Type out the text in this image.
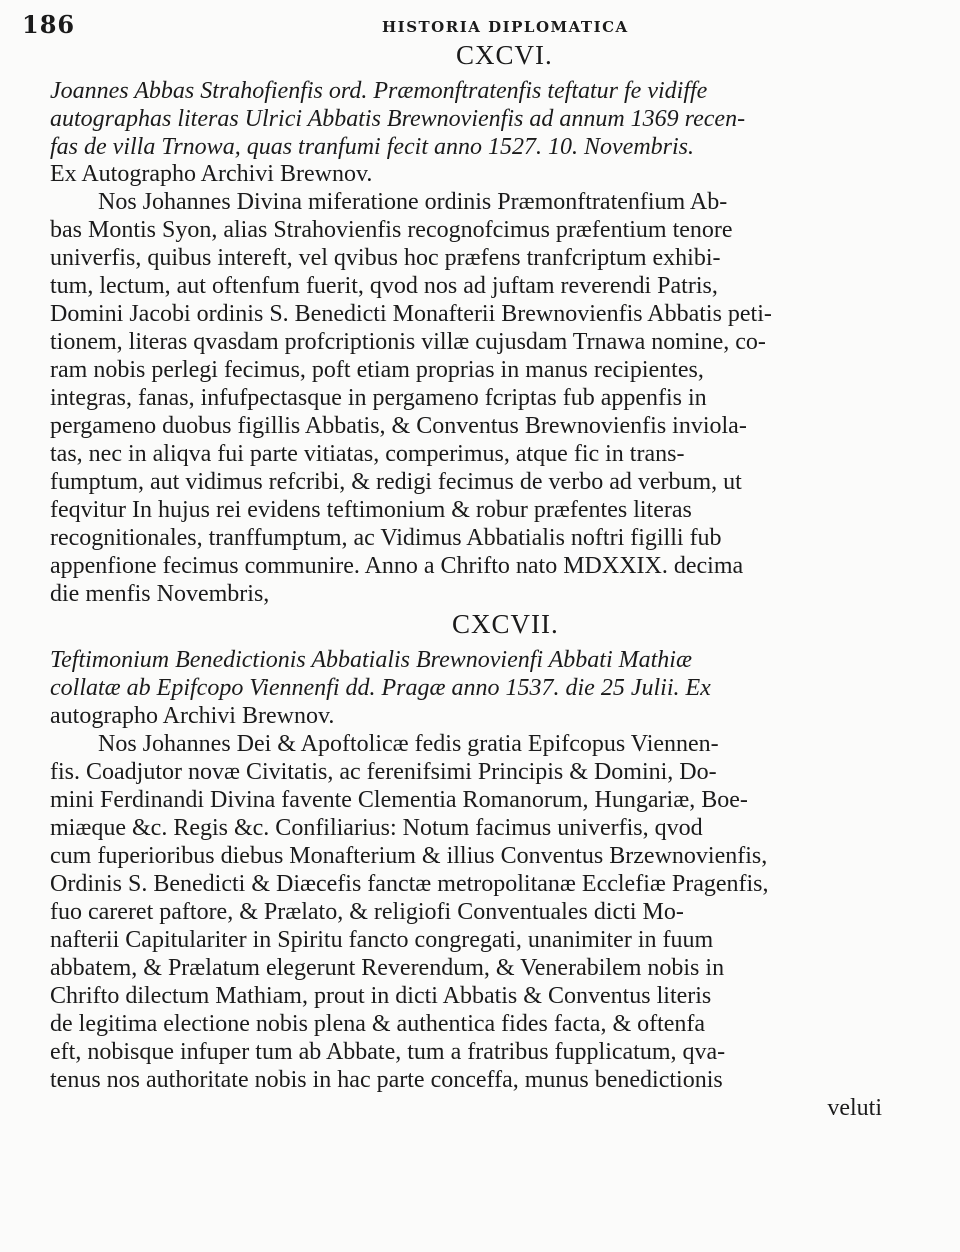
186	HISTORIA DIPLOMATICA
CXCVI.
Joannes Abbas Strahofienfis ord. Præmonftratenfis teftatur fe vidiffe
autographas literas Ulrici Abbatis Brewnovienfis ad annum 1369 recen-
fas de villa Trnowa, quas tranfumi fecit anno 1527. 10. Novembris.
Ex Autographo Archivi Brewnov.
Nos Johannes Divina miferatione ordinis Præmonftratenfium Ab-
bas Montis Syon, alias Strahovienfis recognofcimus præfentium tenore
univerfis, quibus intereft, vel qvibus hoc præfens tranfcriptum exhibi-
tum, lectum, aut oftenfum fuerit, qvod nos ad juftam reverendi Patris,
Domini Jacobi ordinis S. Benedicti Monafterii Brewnovienfis Abbatis peti-
tionem, literas qvasdam profcriptionis villæ cujusdam Trnawa nomine, co-
ram nobis perlegi fecimus, poft etiam proprias in manus recipientes,
integras, fanas, infufpectasque in pergameno fcriptas fub appenfis in
pergameno duobus figillis Abbatis, & Conventus Brewnovienfis inviola-
tas, nec in aliqva fui parte vitiatas, comperimus, atque fic in trans-
fumptum, aut vidimus refcribi, & redigi fecimus de verbo ad verbum, ut
feqvitur In hujus rei evidens teftimonium & robur præfentes literas
recognitionales, tranffumptum, ac Vidimus Abbatialis noftri figilli fub
appenfione fecimus communire. Anno a Chrifto nato MDXXIX. decima
die menfis Novembris,
CXCVII.
Teftimonium Benedictionis Abbatialis Brewnovienfi Abbati Mathiæ
collatæ ab Epifcopo Viennenfi dd. Pragæ anno 1537. die 25 Julii. Ex
autographo Archivi Brewnov.
Nos Johannes Dei & Apoftolicæ fedis gratia Epifcopus Viennen-
fis. Coadjutor novæ Civitatis, ac ferenifsimi Principis & Domini, Do-
mini Ferdinandi Divina favente Clementia Romanorum, Hungariæ, Boe-
miæque &c. Regis &c. Confiliarius: Notum facimus univerfis, qvod
cum fuperioribus diebus Monafterium & illius Conventus Brzewnovienfis,
Ordinis S. Benedicti & Diæcefis fanctæ metropolitanæ Ecclefiæ Pragenfis,
fuo careret paftore, & Prælato, & religiofi Conventuales dicti Mo-
nafterii Capitulariter in Spiritu fancto congregati, unanimiter in fuum
abbatem, & Prælatum elegerunt Reverendum, & Venerabilem nobis in
Chrifto dilectum Mathiam, prout in dicti Abbatis & Conventus literis
de legitima electione nobis plena & authentica fides facta, & oftenfa
eft, nobisque infuper tum ab Abbate, tum a fratribus fupplicatum, qva-
tenus nos authoritate nobis in hac parte conceffa, munus benedictionis
veluti
